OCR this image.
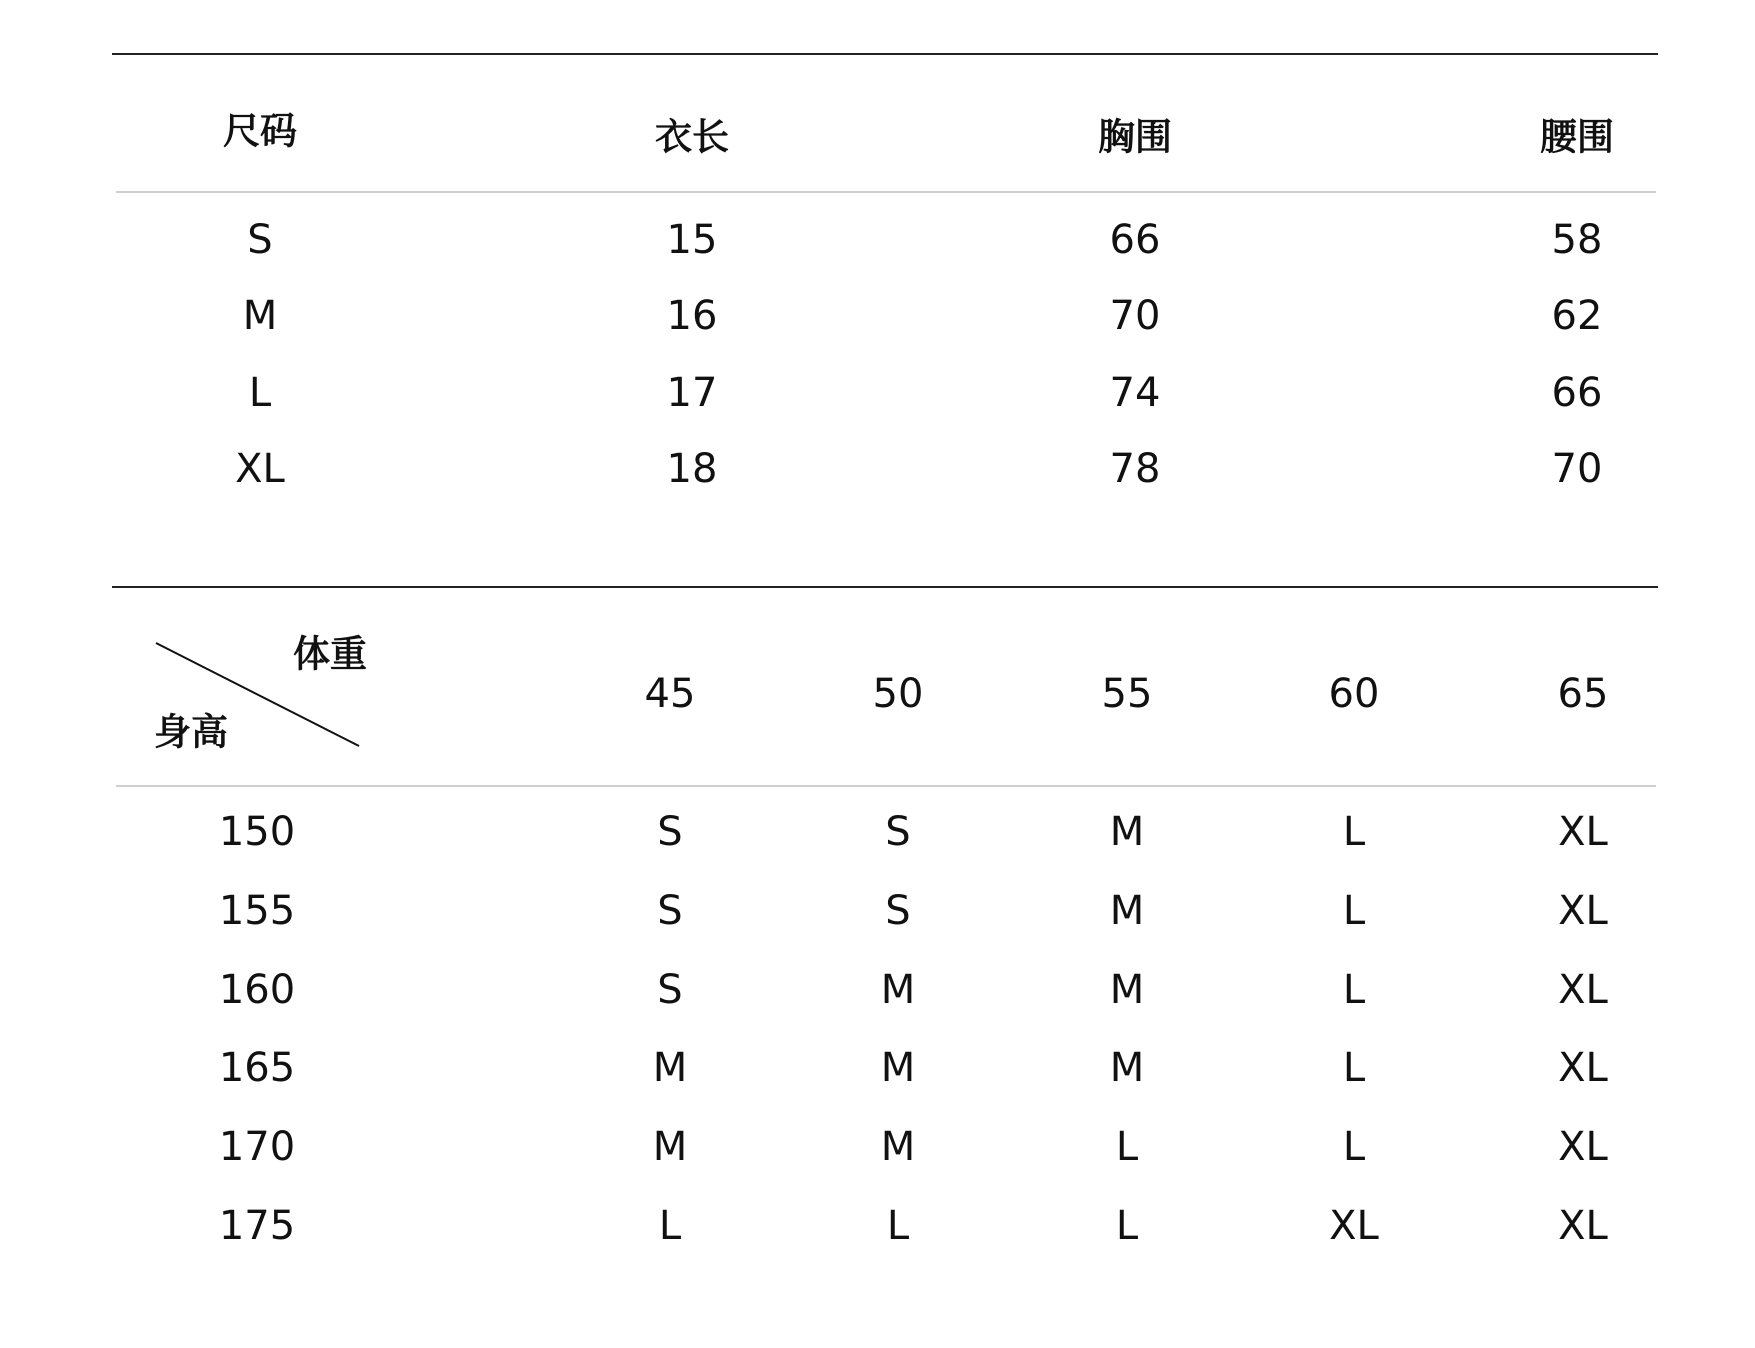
尺码	衣长	胸围	腰围
S	15	66	58
M	16	70	62
L	17	74	66
XL	18	78	70
体重
身高
45	50	55	60	65
150	S	S	M	L	XL
155	S	S	M	L	XL
160	S	M	M	L	XL
165	M	M	M	L	XL
170	M	M	L	L	XL
175	L	L	L	XL	XL
